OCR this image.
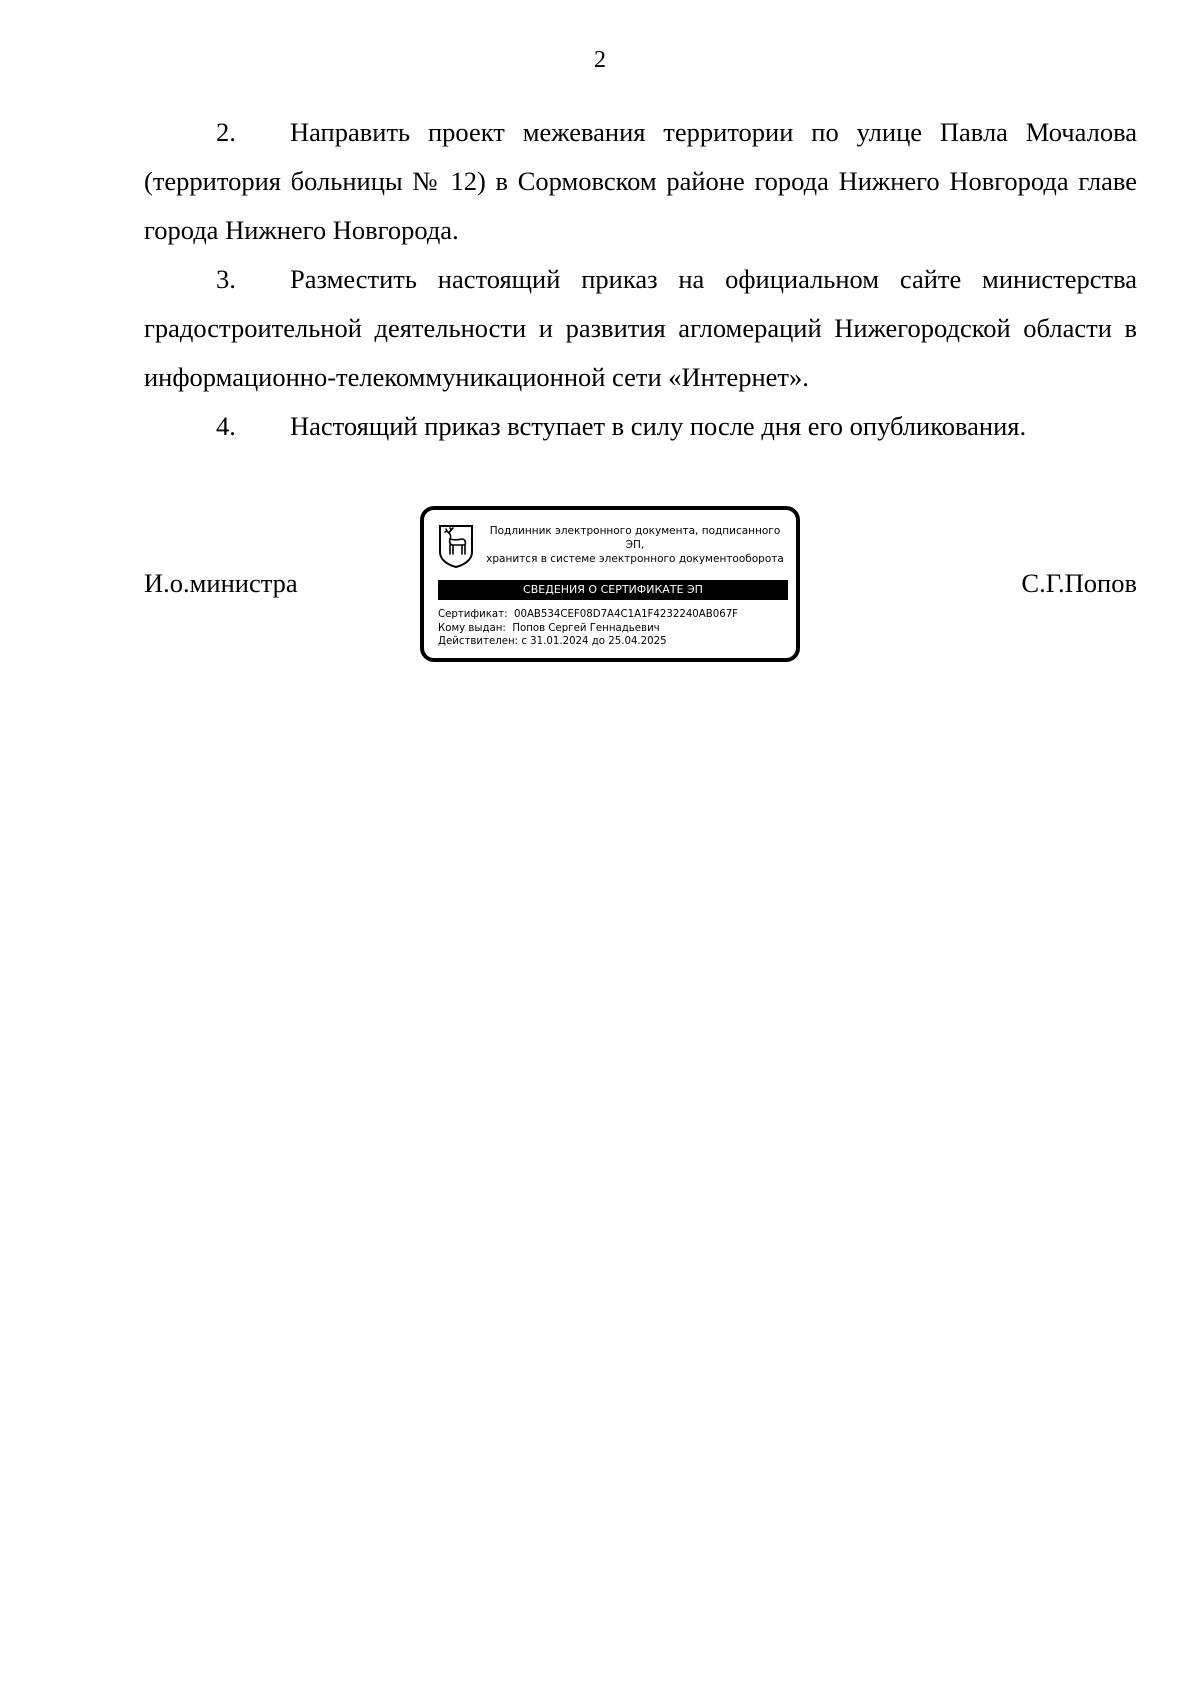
2

2. Направить проект межевания территории по улице Павла Мочалова (территория больницы № 12) в Сормовском районе города Нижнего Новгорода главе города Нижнего Новгорода.

3. Разместить настоящий приказ на официальном сайте министерства градостроительной деятельности и развития агломераций Нижегородской области в информационно-телекоммуникационной сети «Интернет».

4. Настоящий приказ вступает в силу после дня его опубликования.

И.о.министра
Подлинник электронного документа, подписанного ЭП,
хранится в системе электронного документооборота
СВЕДЕНИЯ О СЕРТИФИКАТЕ ЭП
Сертификат: 00AB534CEF08D7A4C1A1F4232240AB067F
Кому выдан: Попов Сергей Геннадьевич
Действителен: с 31.01.2024 до 25.04.2025
С.Г.Попов
